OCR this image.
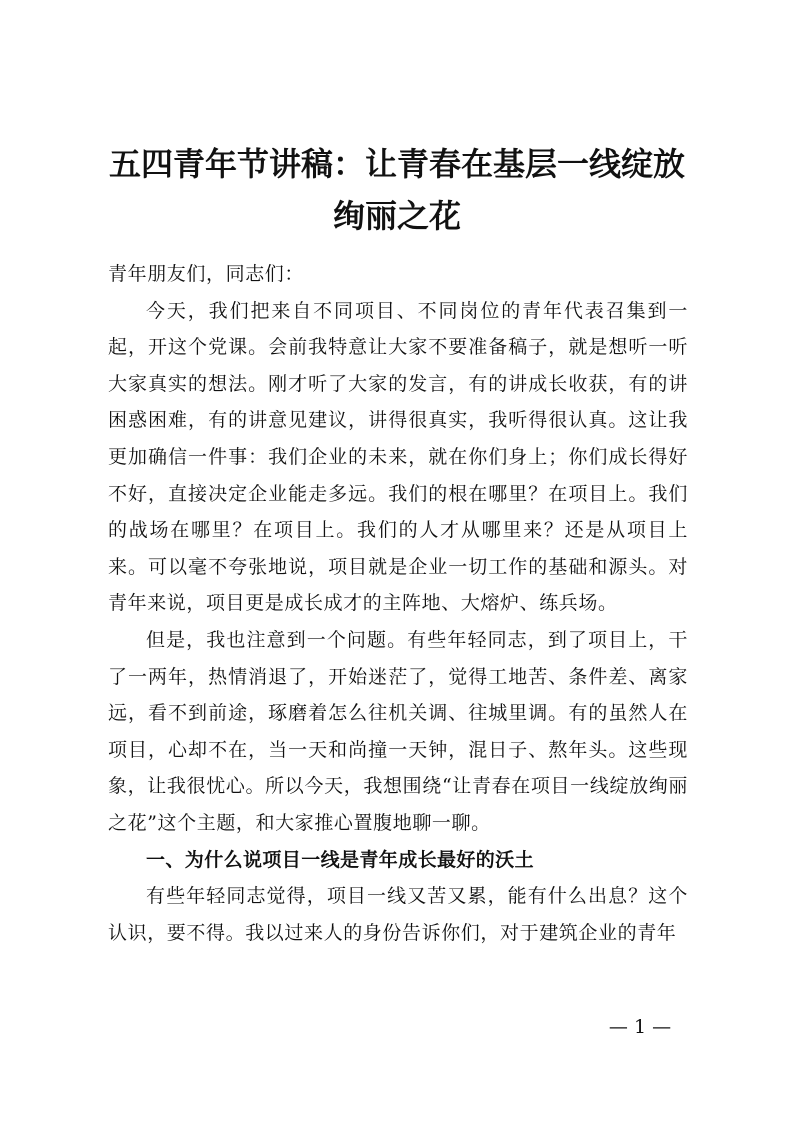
五四青年节讲稿：让青春在基层一线绽放绚丽之花

青年朋友们，同志们：

今天，我们把来自不同项目、不同岗位的青年代表召集到一起，开这个党课。会前我特意让大家不要准备稿子，就是想听一听大家真实的想法。刚才听了大家的发言，有的讲成长收获，有的讲困惑困难，有的讲意见建议，讲得很真实，我听得很认真。这让我更加确信一件事：我们企业的未来，就在你们身上；你们成长得好不好，直接决定企业能走多远。我们的根在哪里？在项目上。我们的战场在哪里？在项目上。我们的人才从哪里来？还是从项目上来。可以毫不夸张地说，项目就是企业一切工作的基础和源头。对青年来说，项目更是成长成才的主阵地、大熔炉、练兵场。

但是，我也注意到一个问题。有些年轻同志，到了项目上，干了一两年，热情消退了，开始迷茫了，觉得工地苦、条件差、离家远，看不到前途，琢磨着怎么往机关调、往城里调。有的虽然人在项目，心却不在，当一天和尚撞一天钟，混日子、熬年头。这些现象，让我很忧心。所以今天，我想围绕“让青春在项目一线绽放绚丽之花”这个主题，和大家推心置腹地聊一聊。

一、为什么说项目一线是青年成长最好的沃土

有些年轻同志觉得，项目一线又苦又累，能有什么出息？这个认识，要不得。我以过来人的身份告诉你们，对于建筑企业的青年

— 1 —
